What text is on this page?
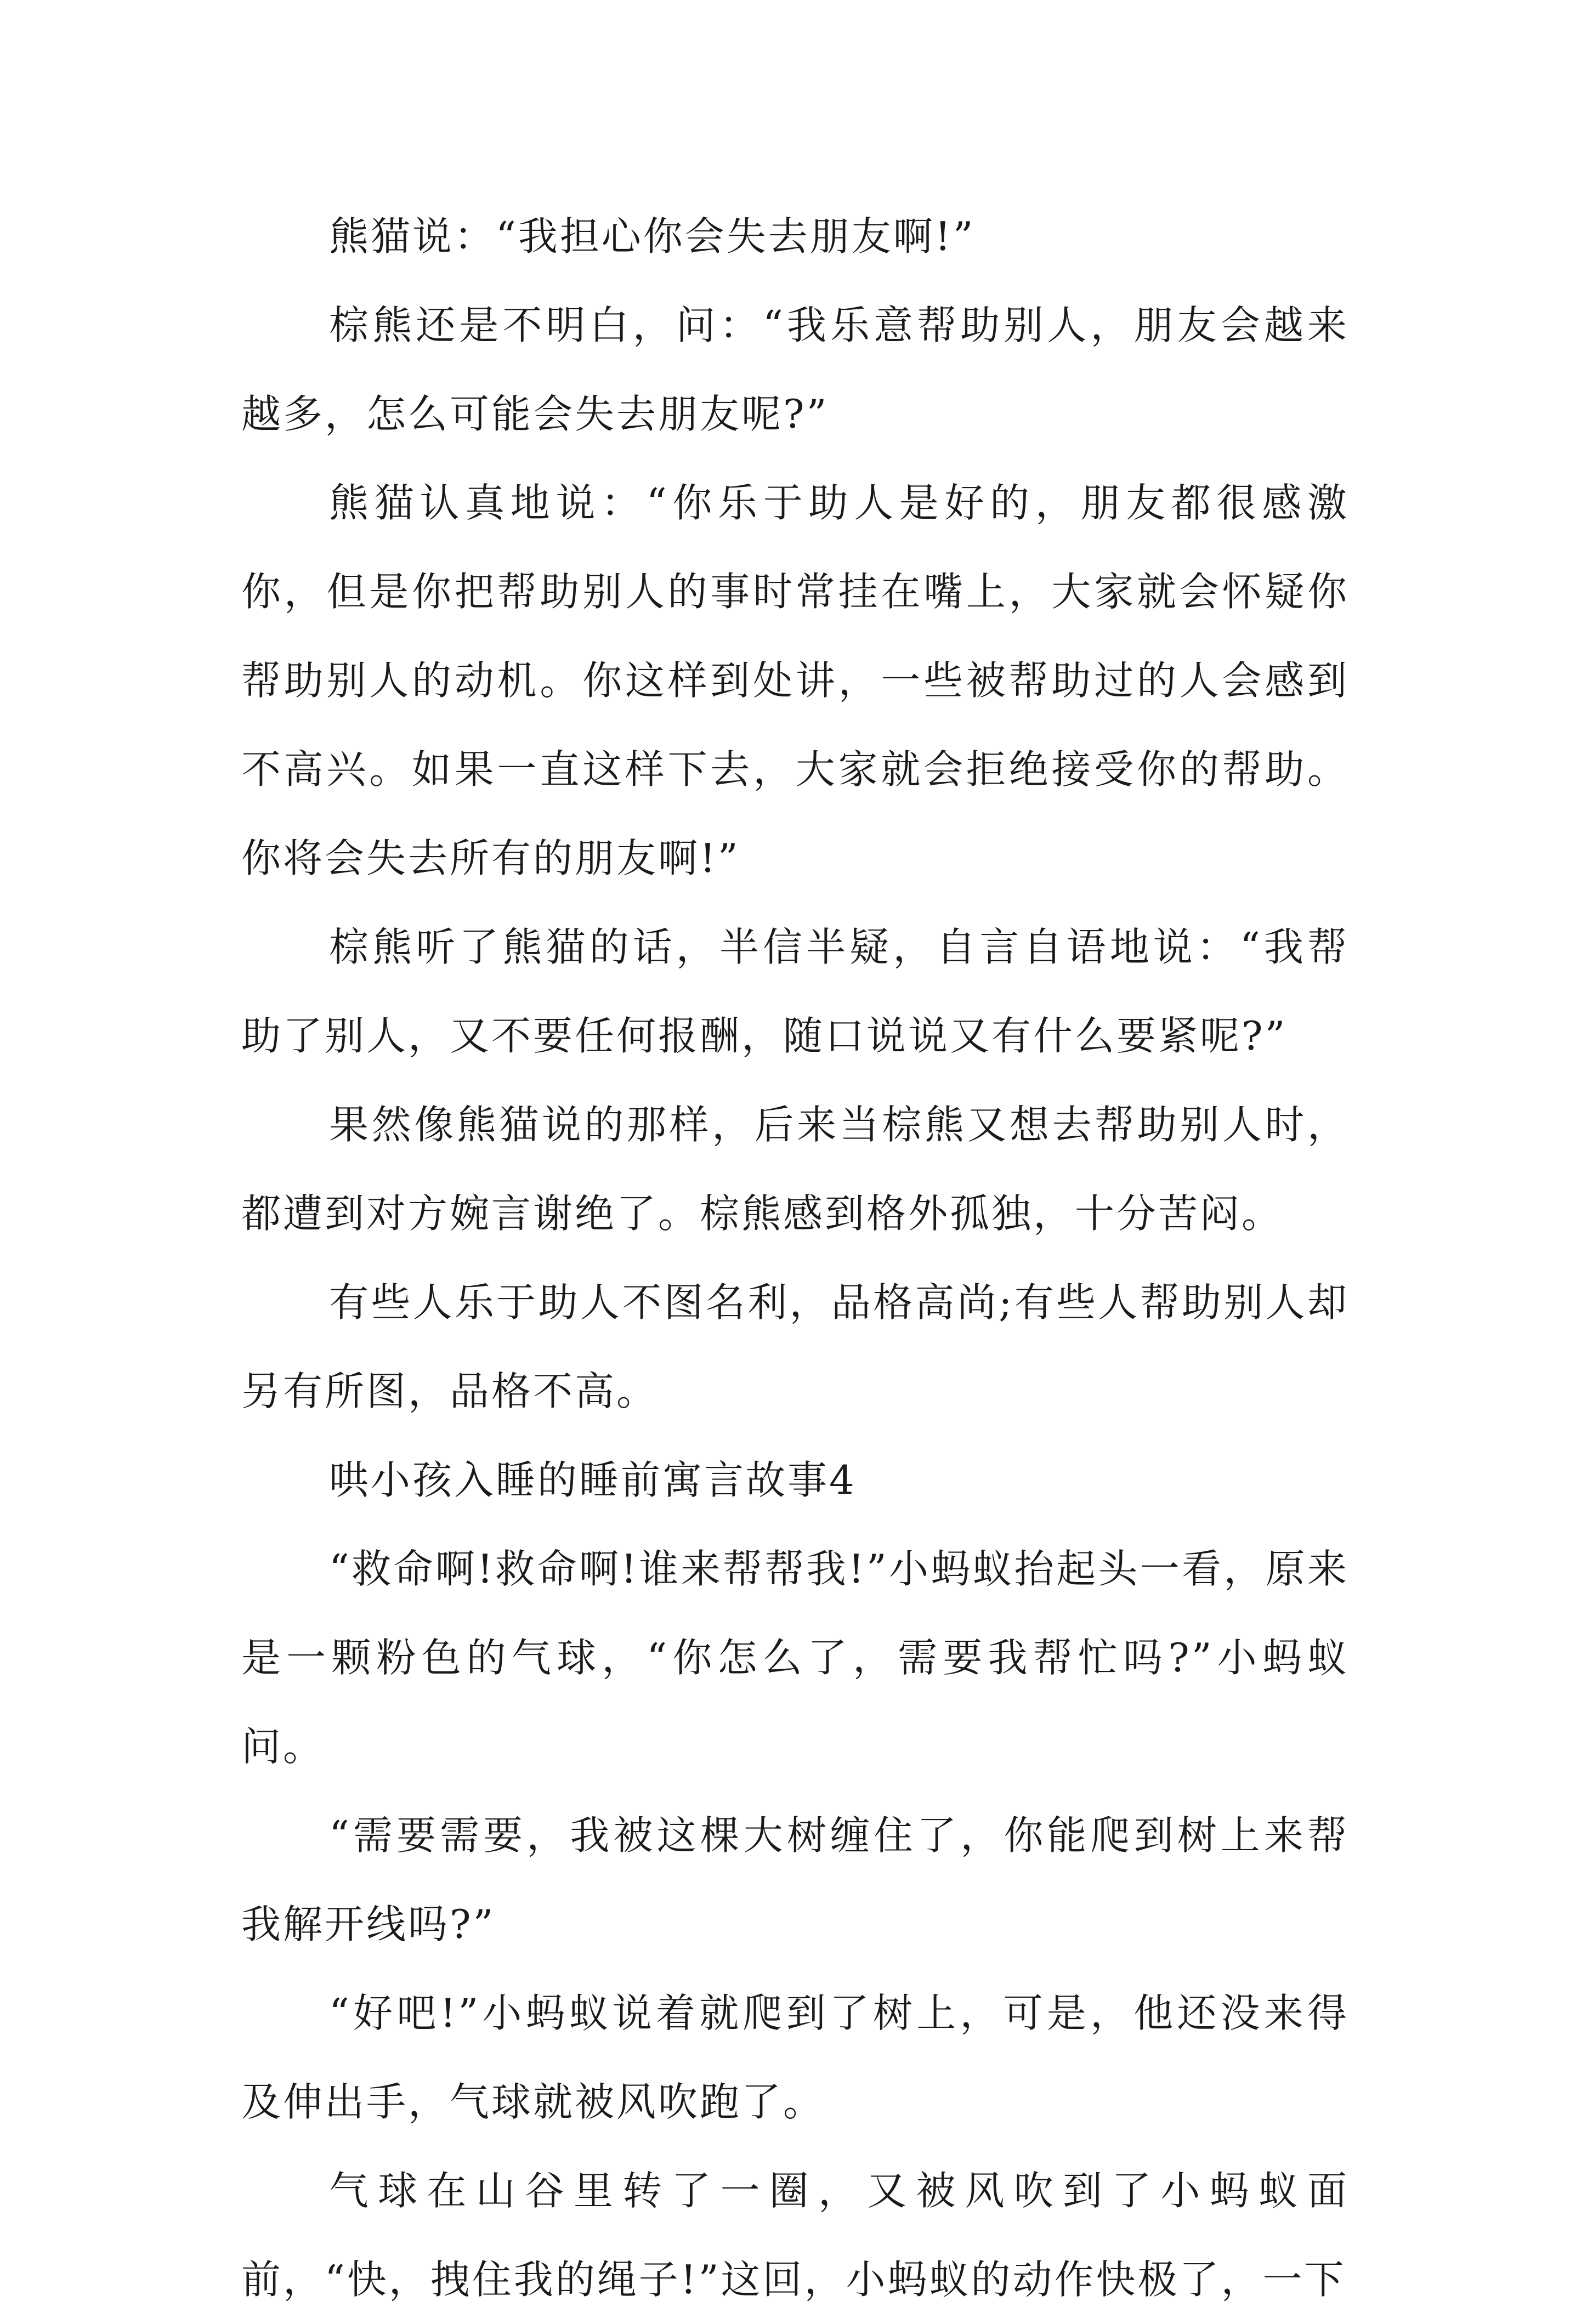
熊猫说：“我担心你会失去朋友啊!”

棕熊还是不明白，问：“我乐意帮助别人，朋友会越来越多，怎么可能会失去朋友呢?”

熊猫认真地说：“你乐于助人是好的，朋友都很感激你，但是你把帮助别人的事时常挂在嘴上，大家就会怀疑你帮助别人的动机。你这样到处讲，一些被帮助过的人会感到不高兴。如果一直这样下去，大家就会拒绝接受你的帮助。你将会失去所有的朋友啊!”

棕熊听了熊猫的话，半信半疑，自言自语地说：“我帮助了别人，又不要任何报酬，随口说说又有什么要紧呢?”

果然像熊猫说的那样，后来当棕熊又想去帮助别人时，都遭到对方婉言谢绝了。棕熊感到格外孤独，十分苦闷。

有些人乐于助人不图名利，品格高尚;有些人帮助别人却另有所图，品格不高。

哄小孩入睡的睡前寓言故事4

“救命啊!救命啊!谁来帮帮我!”小蚂蚁抬起头一看，原来是一颗粉色的气球，“你怎么了，需要我帮忙吗?”小蚂蚁问。

“需要需要，我被这棵大树缠住了，你能爬到树上来帮我解开线吗?”

“好吧!”小蚂蚁说着就爬到了树上，可是，他还没来得及伸出手，气球就被风吹跑了。

气球在山谷里转了一圈，又被风吹到了小蚂蚁面前，“快，拽住我的绳子!”这回，小蚂蚁的动作快极了，一下
